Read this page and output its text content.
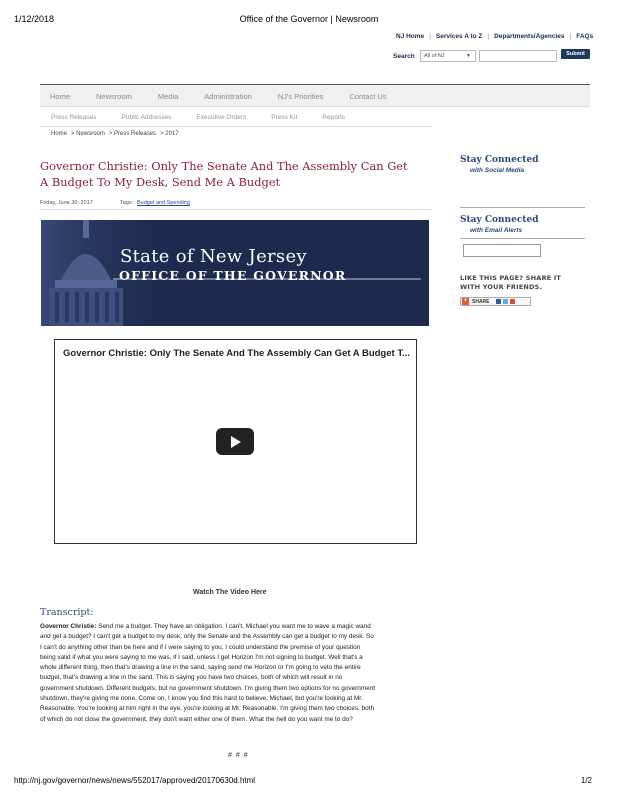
1/12/2018	Office of the Governor | Newsroom
NJ Home | Services A to Z | Departments/Agencies | FAQs
Search	All of NJ	▼	Submit
Home	Newsroom	Media	Administration	NJ's Priorities	Contact Us
Press Releases	Public Addresses	Executive Orders	Press Kit	Reports
Home > Newsroom > Press Releases > 2017
Governor Christie: Only The Senate And The Assembly Can Get
A Budget To My Desk, Send Me A Budget
Friday, June 30, 2017	Tags: Budget and Spending
State of New Jersey
OFFICE OF THE GOVERNOR
Governor Christie: Only The Senate And The Assembly Can Get A Budget T...
Watch The Video Here
Transcript:
Governor Christie: Send me a budget. They have an obligation. I can't, Michael you want me to wave a magic wand
and get a budget? I can't get a budget to my desk, only the Senate and the Assembly can get a budget to my desk. So
I can't do anything other than be here and if I were saying to you, I could understand the premise of your question
being valid if what you were saying to me was, if I said, unless I get Horizon I'm not signing to budget. Well that's a
whole different thing, then that's drawing a line in the sand, saying send me Horizon or I'm going to veto the entire
budget, that's drawing a line in the sand. This is saying you have two choices, both of which will result in no
government shutdown. Different budgets, but no government shutdown. I'm giving them two options for no government
shutdown, they're giving me none. Come on, I know you find this hard to believe, Michael, but you're looking at Mr.
Reasonable. You're looking at him right in the eye, you're looking at Mr. Reasonable. I'm giving them two choices, both
of which do not close the government, they don't want either one of them. What the hell do you want me to do?
# # #
Stay Connected
with Social Media
Stay Connected
with Email Alerts
LIKE THIS PAGE? SHARE IT
WITH YOUR FRIENDS.
+ SHARE
http://nj.gov/governor/news/news/552017/approved/20170630d.html	1/2
